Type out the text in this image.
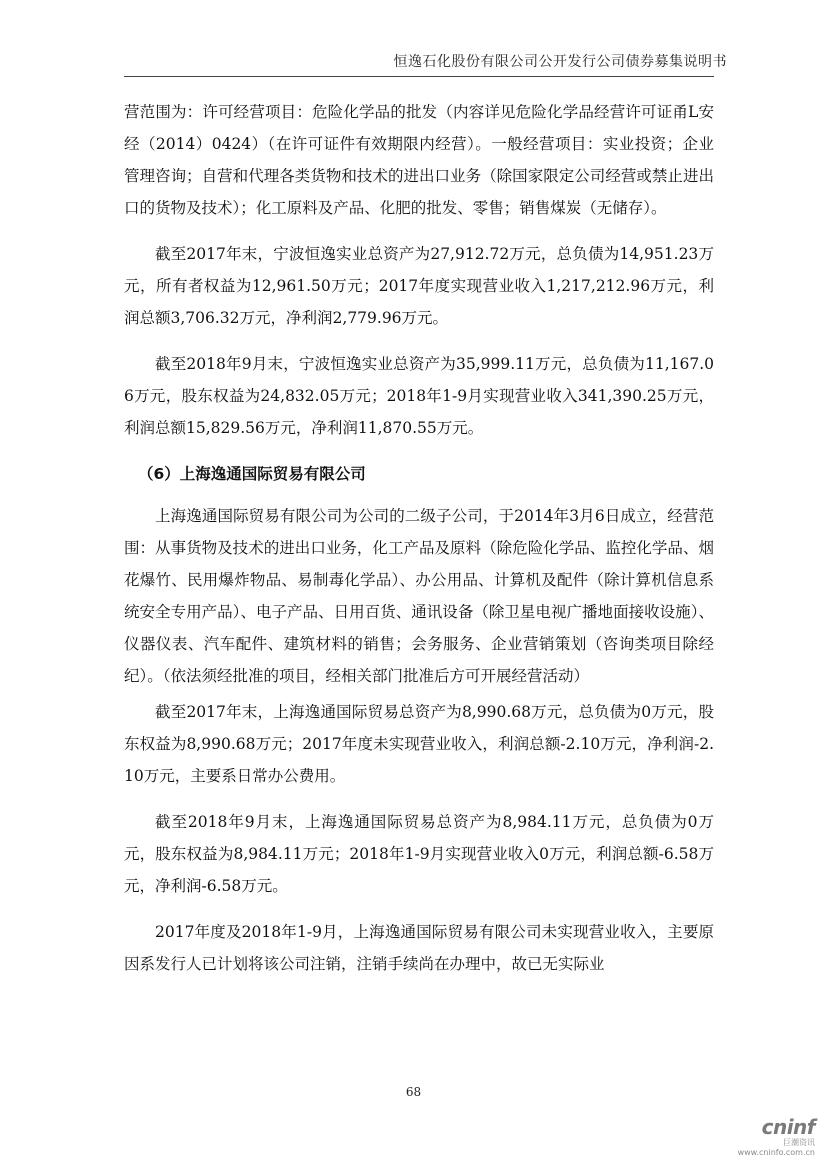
恒逸石化股份有限公司公开发行公司债券募集说明书

营范围为：许可经营项目：危险化学品的批发（内容详见危险化学品经营许可证甬L安经（2014）0424）（在许可证件有效期限内经营）。一般经营项目：实业投资；企业管理咨询；自营和代理各类货物和技术的进出口业务（除国家限定公司经营或禁止进出口的货物及技术）；化工原料及产品、化肥的批发、零售；销售煤炭（无储存）。

截至2017年末，宁波恒逸实业总资产为27,912.72万元，总负债为14,951.23万元，所有者权益为12,961.50万元；2017年度实现营业收入1,217,212.96万元，利润总额3,706.32万元，净利润2,779.96万元。

截至2018年9月末，宁波恒逸实业总资产为35,999.11万元，总负债为11,167.06万元，股东权益为24,832.05万元；2018年1-9月实现营业收入341,390.25万元，利润总额15,829.56万元，净利润11,870.55万元。

（6）上海逸通国际贸易有限公司

上海逸通国际贸易有限公司为公司的二级子公司，于2014年3月6日成立，经营范围：从事货物及技术的进出口业务，化工产品及原料（除危险化学品、监控化学品、烟花爆竹、民用爆炸物品、易制毒化学品）、办公用品、计算机及配件（除计算机信息系统安全专用产品）、电子产品、日用百货、通讯设备（除卫星电视广播地面接收设施）、仪器仪表、汽车配件、建筑材料的销售；会务服务、企业营销策划（咨询类项目除经纪）。（依法须经批准的项目，经相关部门批准后方可开展经营活动）

截至2017年末，上海逸通国际贸易总资产为8,990.68万元，总负债为0万元，股东权益为8,990.68万元；2017年度未实现营业收入，利润总额-2.10万元，净利润-2.10万元，主要系日常办公费用。

截至2018年9月末，上海逸通国际贸易总资产为8,984.11万元，总负债为0万元，股东权益为8,984.11万元；2018年1-9月实现营业收入0万元，利润总额-6.58万元，净利润-6.58万元。

2017年度及2018年1-9月，上海逸通国际贸易有限公司未实现营业收入，主要原因系发行人已计划将该公司注销，注销手续尚在办理中，故已无实际业

68
cninf
巨潮资讯
www.cninfo.com.cn
